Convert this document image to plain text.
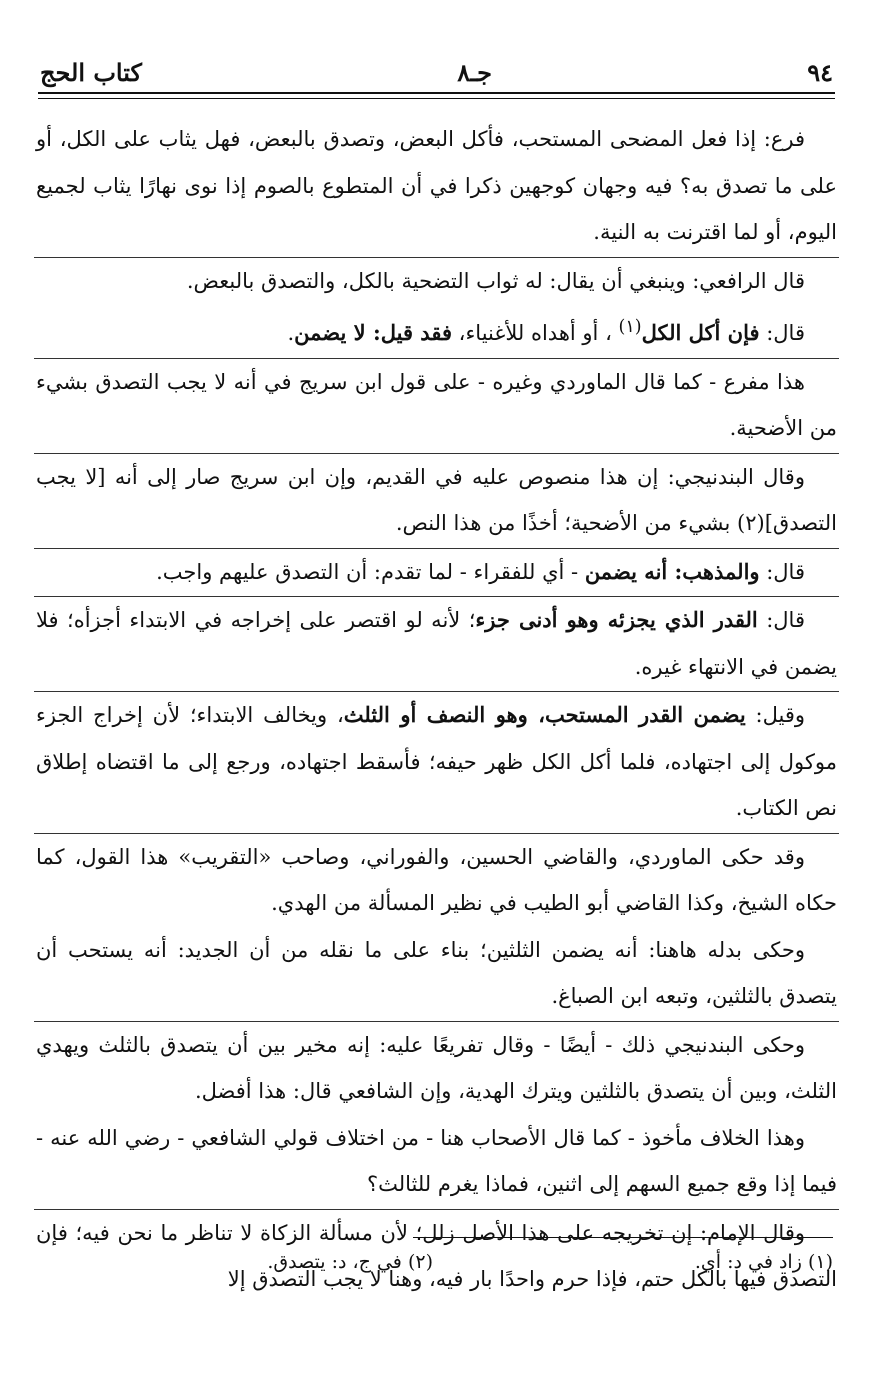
٩٤
جـ٨
كتاب الحج

فرع: إذا فعل المضحى المستحب، فأكل البعض، وتصدق بالبعض، فهل يثاب على الكل، أو على ما تصدق به؟ فيه وجهان كوجهين ذكرا في أن المتطوع بالصوم إذا نوى نهارًا يثاب لجميع اليوم، أو لما اقترنت به النية.

قال الرافعي: وينبغي أن يقال: له ثواب التضحية بالكل، والتصدق بالبعض.

قال: فإن أكل الكل$^{(١)}$ ، أو أهداه للأغنياء، فقد قيل: لا يضمن.

هذا مفرع - كما قال الماوردي وغيره - على قول ابن سريج في أنه لا يجب التصدق بشيء من الأضحية.

وقال البندنيجي: إن هذا منصوص عليه في القديم، وإن ابن سريج صار إلى أنه [لا يجب التصدق](٢) بشيء من الأضحية؛ أخذًا من هذا النص.

قال: والمذهب: أنه يضمن - أي للفقراء - لما تقدم: أن التصدق عليهم واجب.

قال: القدر الذي يجزئه وهو أدنى جزء؛ لأنه لو اقتصر على إخراجه في الابتداء أجزأه؛ فلا يضمن في الانتهاء غيره.

وقيل: يضمن القدر المستحب، وهو النصف أو الثلث، ويخالف الابتداء؛ لأن إخراج الجزء موكول إلى اجتهاده، فلما أكل الكل ظهر حيفه؛ فأسقط اجتهاده، ورجع إلى ما اقتضاه إطلاق نص الكتاب.

وقد حكى الماوردي، والقاضي الحسين، والفوراني، وصاحب «التقريب» هذا القول، كما حكاه الشيخ، وكذا القاضي أبو الطيب في نظير المسألة من الهدي.

وحكى بدله هاهنا: أنه يضمن الثلثين؛ بناء على ما نقله من أن الجديد: أنه يستحب أن يتصدق بالثلثين، وتبعه ابن الصباغ.

وحكى البندنيجي ذلك - أيضًا - وقال تفريعًا عليه: إنه مخير بين أن يتصدق بالثلث ويهدي الثلث، وبين أن يتصدق بالثلثين ويترك الهدية، وإن الشافعي قال: هذا أفضل.

وهذا الخلاف مأخوذ - كما قال الأصحاب هنا - من اختلاف قولي الشافعي - رضي الله عنه - فيما إذا وقع جميع السهم إلى اثنين، فماذا يغرم للثالث؟

وقال الإمام: إن تخريجه على هذا الأصل زلل؛ لأن مسألة الزكاة لا تناظر ما نحن فيه؛ فإن التصدق فيها بالكل حتم، فإذا حرم واحدًا بار فيه، وهنا لا يجب التصدق إلا

(١) زاد في د: أي.
(٢) في ج، د: يتصدق.
